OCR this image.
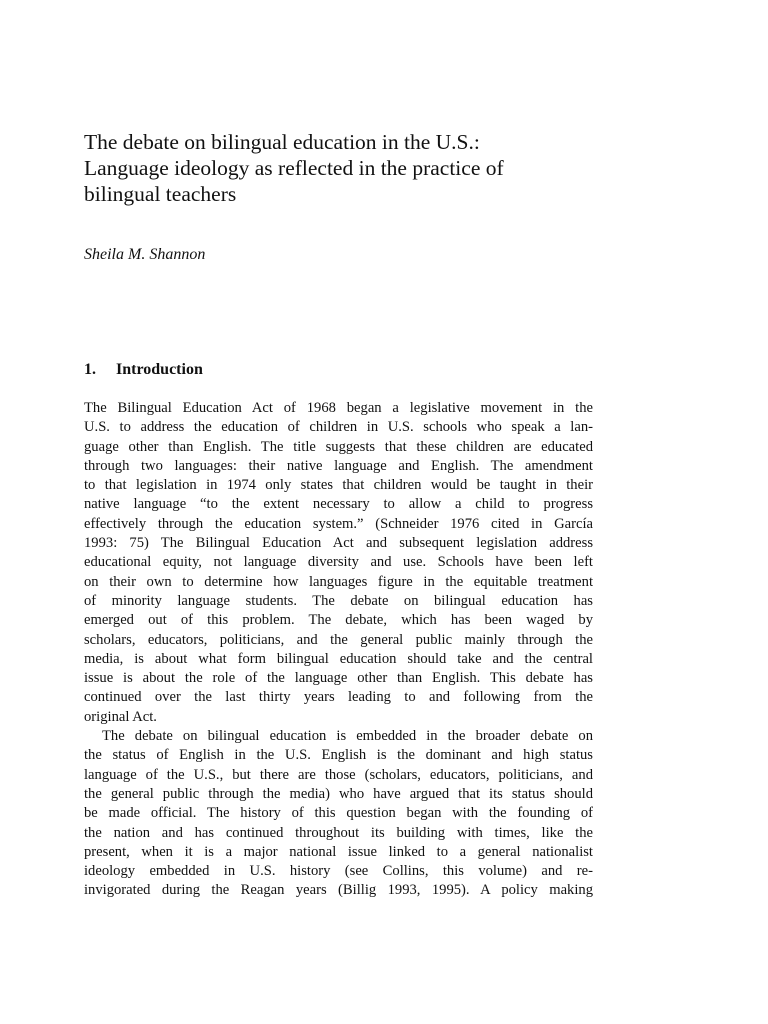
The debate on bilingual education in the U.S.:
Language ideology as reflected in the practice of
bilingual teachers

Sheila M. Shannon

1. Introduction
The Bilingual Education Act of 1968 began a legislative movement in the
U.S. to address the education of children in U.S. schools who speak a lan-
guage other than English. The title suggests that these children are educated
through two languages: their native language and English. The amendment
to that legislation in 1974 only states that children would be taught in their
native language “to the extent necessary to allow a child to progress
effectively through the education system.” (Schneider 1976 cited in García
1993: 75) The Bilingual Education Act and subsequent legislation address
educational equity, not language diversity and use. Schools have been left
on their own to determine how languages figure in the equitable treatment
of minority language students. The debate on bilingual education has
emerged out of this problem. The debate, which has been waged by
scholars, educators, politicians, and the general public mainly through the
media, is about what form bilingual education should take and the central
issue is about the role of the language other than English. This debate has
continued over the last thirty years leading to and following from the
original Act.
The debate on bilingual education is embedded in the broader debate on
the status of English in the U.S. English is the dominant and high status
language of the U.S., but there are those (scholars, educators, politicians, and
the general public through the media) who have argued that its status should
be made official. The history of this question began with the founding of
the nation and has continued throughout its building with times, like the
present, when it is a major national issue linked to a general nationalist
ideology embedded in U.S. history (see Collins, this volume) and re-
invigorated during the Reagan years (Billig 1993, 1995). A policy making
